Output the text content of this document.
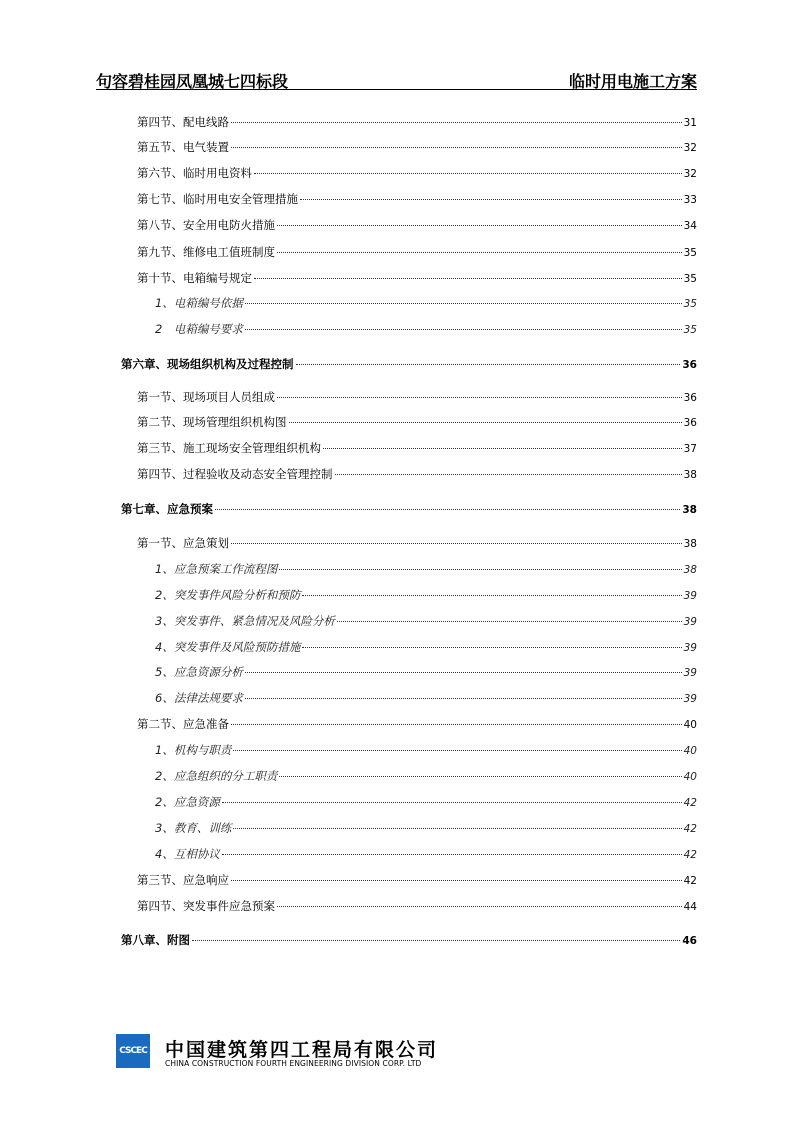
句容碧桂园凤凰城七四标段	临时用电施工方案
第四节、配电线路	31
第五节、电气装置	32
第六节、临时用电资料	32
第七节、临时用电安全管理措施	33
第八节、安全用电防火措施	34
第九节、维修电工值班制度	35
第十节、电箱编号规定	35
1、电箱编号依据	35
2　电箱编号要求	35
第六章、现场组织机构及过程控制	36
第一节、现场项目人员组成	36
第二节、现场管理组织机构图	36
第三节、施工现场安全管理组织机构	37
第四节、过程验收及动态安全管理控制	38
第七章、应急预案	38
第一节、应急策划	38
1、应急预案工作流程图	38
2、突发事件风险分析和预防	39
3、突发事件、紧急情况及风险分析	39
4、突发事件及风险预防措施	39
5、应急资源分析	39
6、法律法规要求	39
第二节、应急准备	40
1、机构与职责	40
2、应急组织的分工职责	40
2、应急资源	42
3、教育、训练	42
4、互相协议	42
第三节、应急响应	42
第四节、突发事件应急预案	44
第八章、附图	46
CSCEC 中国建筑第四工程局有限公司
CHINA CONSTRUCTION FOURTH ENGINEERING DIVISION CORP. LTD
